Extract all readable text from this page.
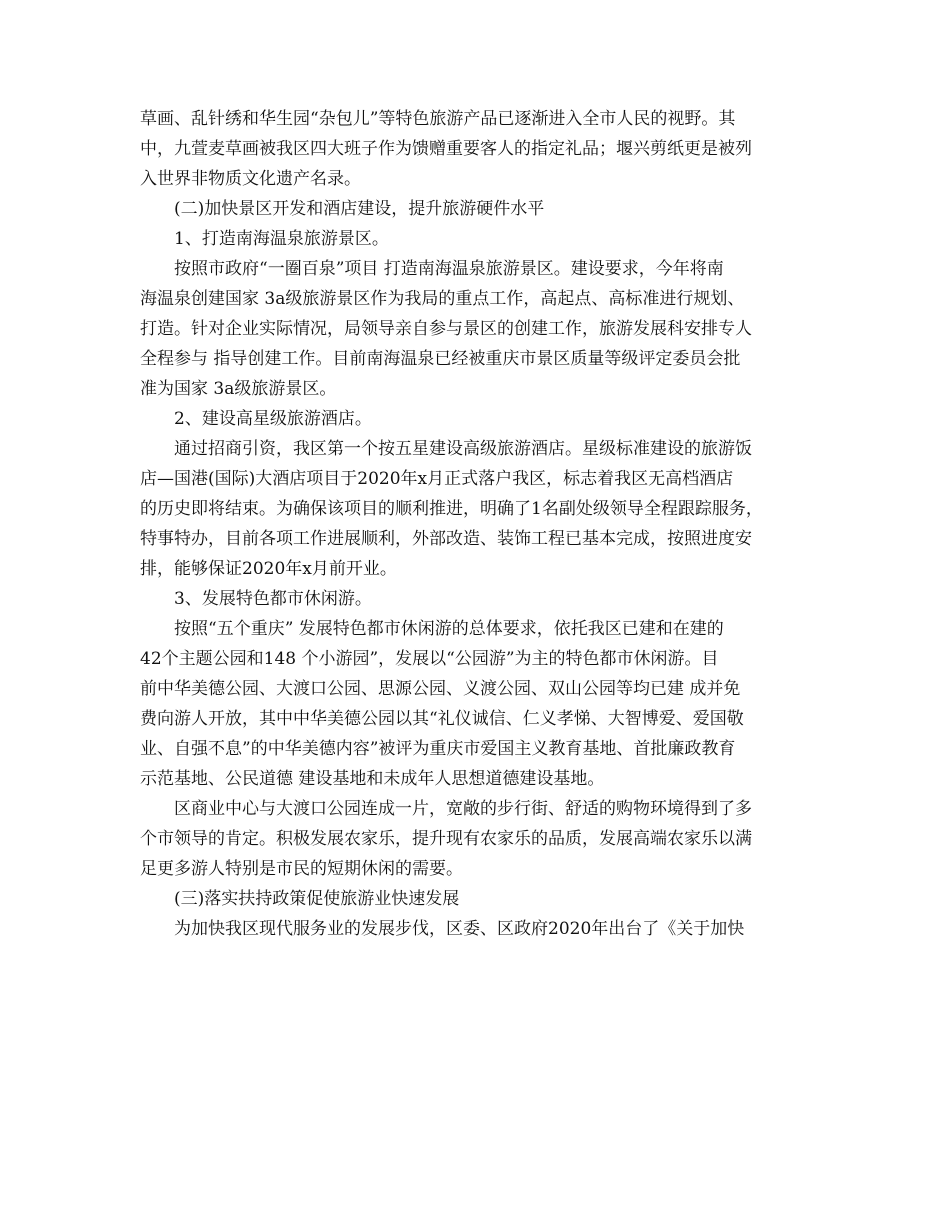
草画、乱针绣和华生园“杂包儿”等特色旅游产品已逐渐进入全市人民的视野。其
中，九萱麦草画被我区四大班子作为馈赠重要客人的指定礼品；堰兴剪纸更是被列
入世界非物质文化遗产名录。
(二)加快景区开发和酒店建设，提升旅游硬件水平
1、打造南海温泉旅游景区。
按照市政府“一圈百泉”项目 打造南海温泉旅游景区。建设要求，今年将南
海温泉创建国家 3a级旅游景区作为我局的重点工作，高起点、高标准进行规划、
打造。针对企业实际情况，局领导亲自参与景区的创建工作，旅游发展科安排专人
全程参与 指导创建工作。目前南海温泉已经被重庆市景区质量等级评定委员会批
准为国家 3a级旅游景区。
2、建设高星级旅游酒店。
通过招商引资，我区第一个按五星建设高级旅游酒店。星级标准建设的旅游饭
店—国港(国际)大酒店项目于2020年x月正式落户我区，标志着我区无高档酒店
的历史即将结束。为确保该项目的顺利推进，明确了1名副处级领导全程跟踪服务，
特事特办，目前各项工作进展顺利，外部改造、装饰工程已基本完成，按照进度安
排，能够保证2020年x月前开业。
3、发展特色都市休闲游。
按照“五个重庆” 发展特色都市休闲游的总体要求，依托我区已建和在建的
42个主题公园和148 个小游园”，发展以“公园游”为主的特色都市休闲游。目
前中华美德公园、大渡口公园、思源公园、义渡公园、双山公园等均已建 成并免
费向游人开放，其中中华美德公园以其“礼仪诚信、仁义孝悌、大智博爱、爱国敬
业、自强不息”的中华美德内容”被评为重庆市爱国主义教育基地、首批廉政教育
示范基地、公民道德 建设基地和未成年人思想道德建设基地。
区商业中心与大渡口公园连成一片，宽敞的步行街、舒适的购物环境得到了多
个市领导的肯定。积极发展农家乐，提升现有农家乐的品质，发展高端农家乐以满
足更多游人特别是市民的短期休闲的需要。
(三)落实扶持政策促使旅游业快速发展
为加快我区现代服务业的发展步伐，区委、区政府2020年出台了《关于加快
